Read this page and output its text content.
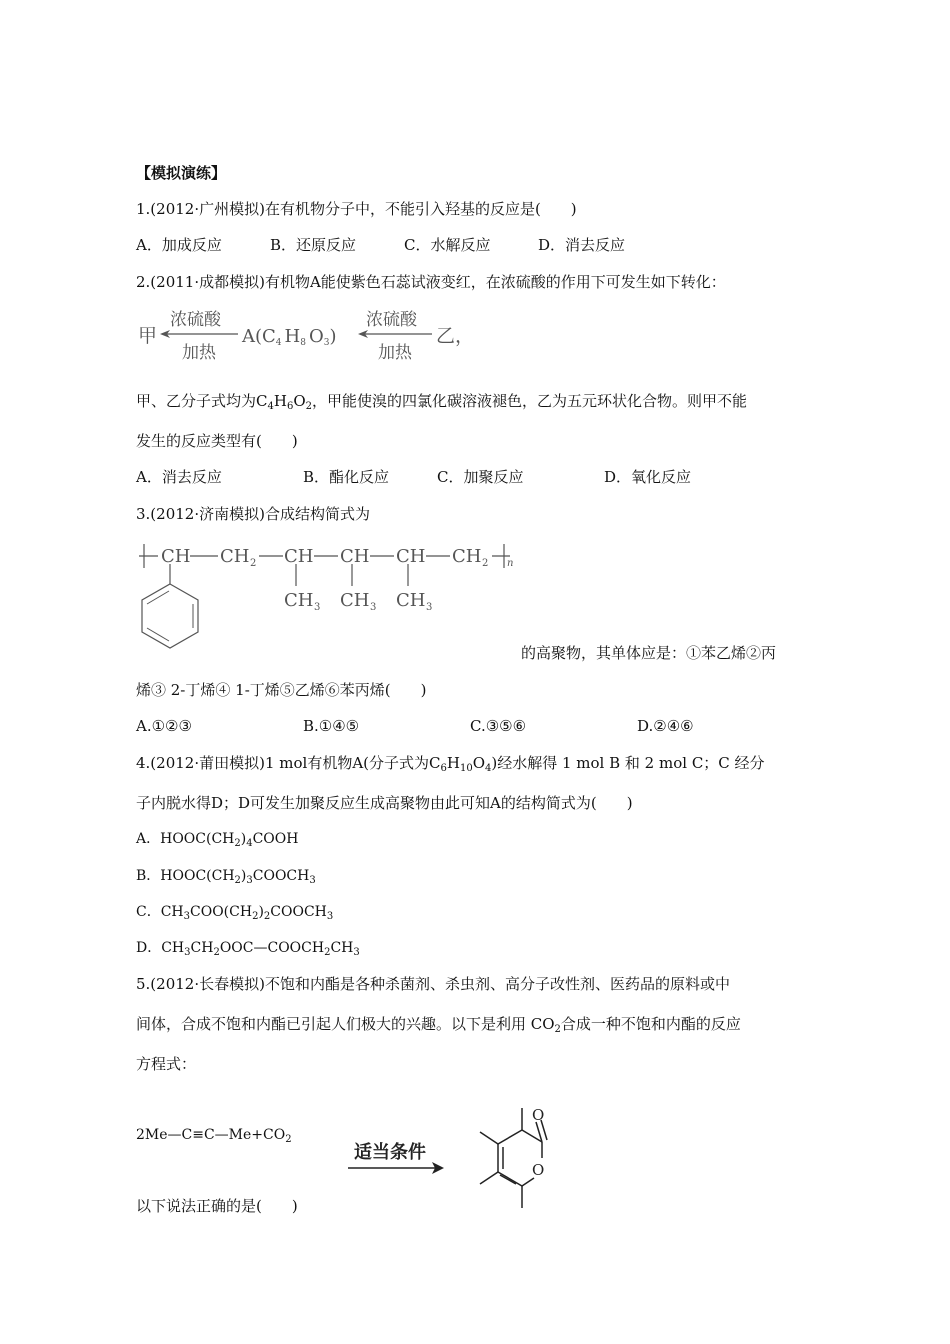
【模拟演练】
1.(2012·广州模拟)在有机物分子中，不能引入羟基的反应是(　　)
A．加成反应	B．还原反应	C．水解反应	D．消去反应
2.(2011·成都模拟)有机物A能使紫色石蕊试液变红，在浓硫酸的作用下可发生如下转化：
甲
浓硫酸
加热
A(C4 H8 O3)
浓硫酸
加热
乙，
甲、乙分子式均为$C_4H_6O_2$，甲能使溴的四氯化碳溶液褪色，乙为五元环状化合物。则甲不能
发生的反应类型有(　　)
A．消去反应	B．酯化反应	C．加聚反应	D．氧化反应
3.(2012·济南模拟)合成结构简式为
CH CH 2 CH CH CH CH 2 n
CH 3 CH 3 CH 3
的高聚物，其单体应是：①苯乙烯②丙
烯③ 2-丁烯④ 1-丁烯⑤乙烯⑥苯丙烯(　　)
A.①②③	B.①④⑤	C.③⑤⑥	D.②④⑥
4.(2012·莆田模拟)1 mol有机物A(分子式为$C_6H_{10}O_4$)经水解得 1 mol B 和 2 mol C；C 经分
子内脱水得D；D可发生加聚反应生成高聚物由此可知A的结构简式为(　　)
A．$HOOC(CH_2)_4COOH$
B．$HOOC(CH_2)_3COOCH_3$
C．$CH_3COO(CH_2)_2COOCH_3$
D．$CH_3CH_2OOC—COOCH_2CH_3$
5.(2012·长春模拟)不饱和内酯是各种杀菌剂、杀虫剂、高分子改性剂、医药品的原料或中
间体，合成不饱和内酯已引起人们极大的兴趣。以下是利用 $CO_2$合成一种不饱和内酯的反应
方程式：
$2Me—C\equiv C—Me+CO_2$
适当条件
O
O
以下说法正确的是(　　)
